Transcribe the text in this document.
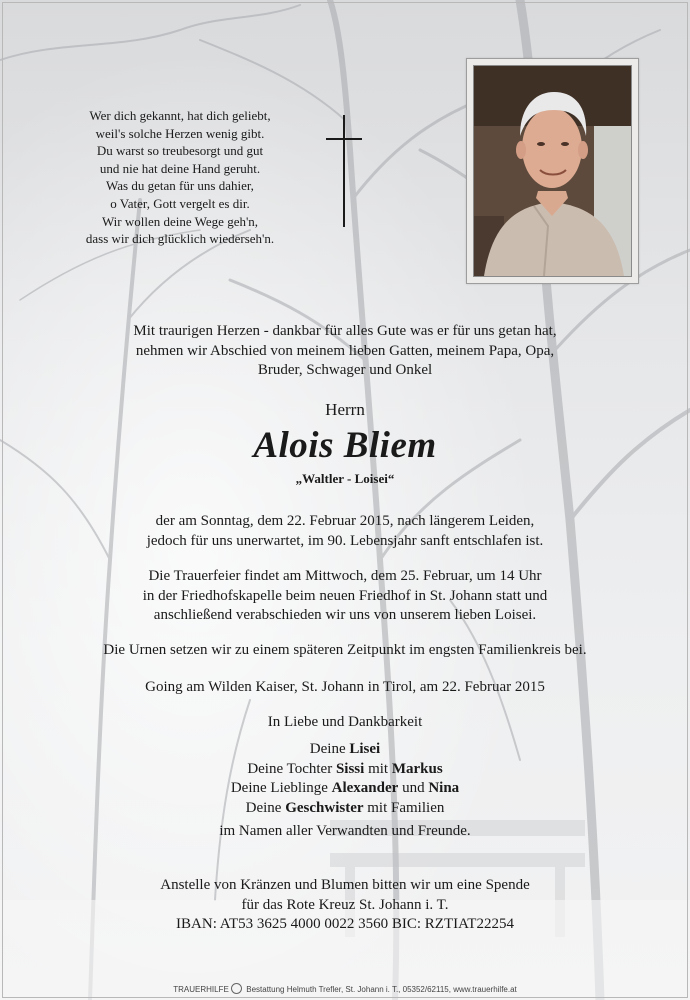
Wer dich gekannt, hat dich geliebt,
weil's solche Herzen wenig gibt.
Du warst so treubesorgt und gut
und nie hat deine Hand geruht.
Was du getan für uns dahier,
o Vater, Gott vergelt es dir.
Wir wollen deine Wege geh'n,
dass wir dich glücklich wiederseh'n.
Mit traurigen Herzen - dankbar für alles Gute was er für uns getan hat,
nehmen wir Abschied von meinem lieben Gatten, meinem Papa, Opa,
Bruder, Schwager und Onkel
Herrn
Alois Bliem
„Waltler - Loisei“
der am Sonntag, dem 22. Februar 2015, nach längerem Leiden,
jedoch für uns unerwartet, im 90. Lebensjahr sanft entschlafen ist.
Die Trauerfeier findet am Mittwoch, dem 25. Februar, um 14 Uhr
in der Friedhofskapelle beim neuen Friedhof in St. Johann statt und
anschließend verabschieden wir uns von unserem lieben Loisei.
Die Urnen setzen wir zu einem späteren Zeitpunkt im engsten Familienkreis bei.
Going am Wilden Kaiser, St. Johann in Tirol, am 22. Februar 2015
In Liebe und Dankbarkeit
Deine Lisei
Deine Tochter Sissi mit Markus
Deine Lieblinge Alexander und Nina
Deine Geschwister mit Familien
im Namen aller Verwandten und Freunde.
Anstelle von Kränzen und Blumen bitten wir um eine Spende
für das Rote Kreuz St. Johann i. T.
IBAN: AT53 3625 4000 0022 3560 BIC: RZTIAT22254
TRAUERHILFE Bestattung Helmuth Trefler, St. Johann i. T., 05352/62115, www.trauerhilfe.at
